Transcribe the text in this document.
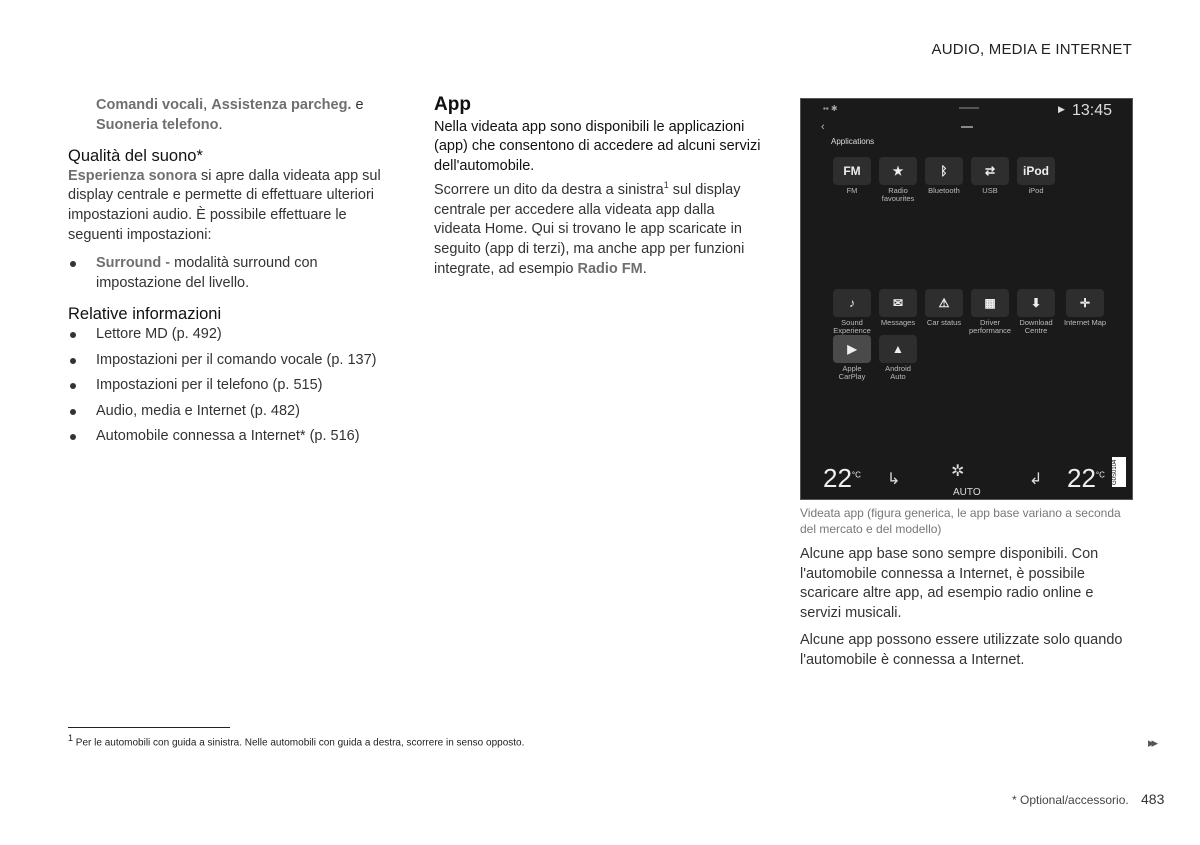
AUDIO, MEDIA E INTERNET
Comandi vocali, Assistenza parcheg. e Suoneria telefono.
Qualità del suono*
Esperienza sonora si apre dalla videata app sul display centrale e permette di effettuare ulteriori impostazioni audio. È possibile effettuare le seguenti impostazioni:
Surround - modalità surround con impostazione del livello.
Relative informazioni
Lettore MD (p. 492)
Impostazioni per il comando vocale (p. 137)
Impostazioni per il telefono (p. 515)
Audio, media e Internet (p. 482)
Automobile connessa a Internet* (p. 516)
App
Nella videata app sono disponibili le applicazioni (app) che consentono di accedere ad alcuni servizi dell'automobile.
Scorrere un dito da destra a sinistra$^1$ sul display centrale per accedere alla videata app dalla videata Home. Qui si trovano le app scaricate in seguito (app di terzi), ma anche app per funzioni integrate, ad esempio Radio FM.
▪▪ ✱	▶ 13:45
‹
Applications
FM
FM
★
Radio favourites
ᛒ
Bluetooth
⇄
USB
iPod
iPod
♪
Sound Experience
✉
Messages
⚠
Car status
▦
Driver performance
⬇
Download Centre
✛
Internet Map
▶
Apple CarPlay
▲
Android Auto
$22^{^\circ C}$ ↳	✲
AUTO
↲ $22^{^\circ C}$ G0S0104
Videata app (figura generica, le app base variano a seconda del mercato e del modello)
Alcune app base sono sempre disponibili. Con l'automobile connessa a Internet, è possibile scaricare altre app, ad esempio radio online e servizi musicali.
Alcune app possono essere utilizzate solo quando l'automobile è connessa a Internet.
$^1$ Per le automobili con guida a sinistra. Nelle automobili con guida a destra, scorrere in senso opposto.	▸▸
* Optional/accessorio. 483
